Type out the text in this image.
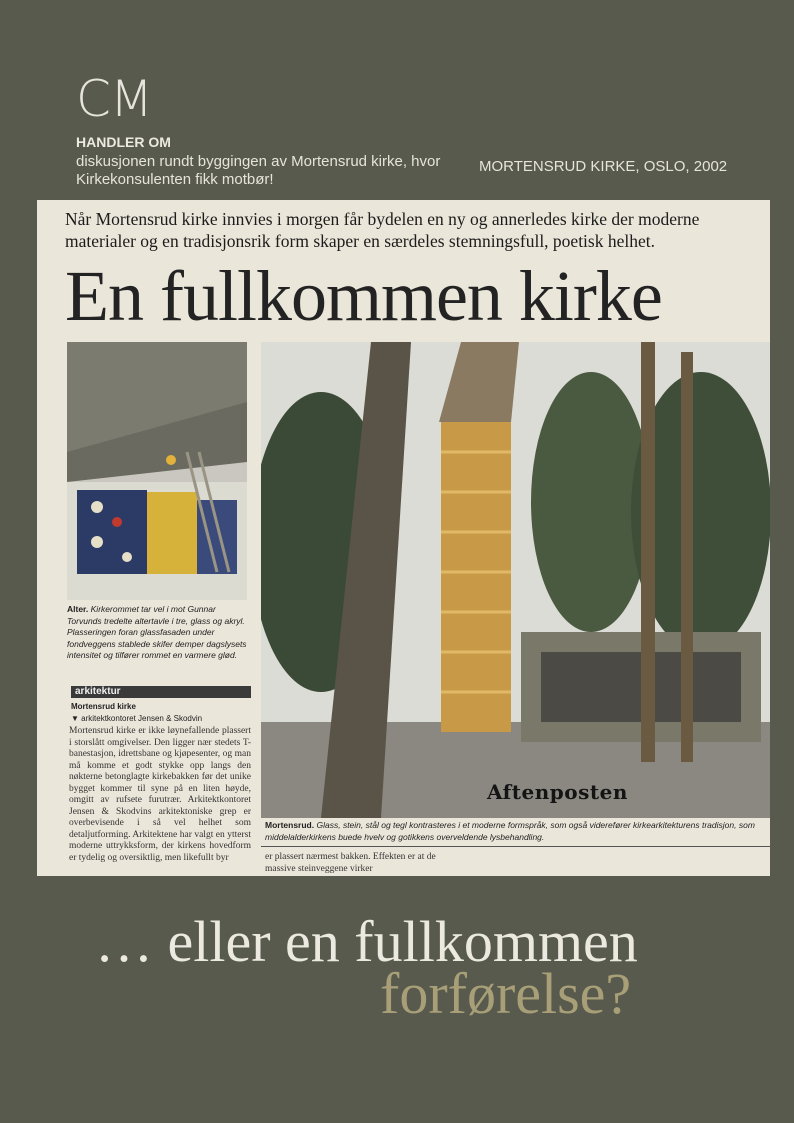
CM
HANDLER OM
diskusjonen rundt byggingen av Mortensrud kirke, hvor Kirkekonsulenten fikk motbør!
MORTENSRUD KIRKE, OSLO, 2002
Når Mortensrud kirke innvies i morgen får bydelen en ny og annerledes kirke der moderne materialer og en tradisjonsrik form skaper en særdeles stemningsfull, poetisk helhet.
En fullkommen kirke
Aftenposten
Alter. Kirkerommet tar vel i mot Gunnar Torvunds tredelte altertavle i tre, glass og akryl. Plasseringen foran glassfasaden under fondveggens stablede skifer demper dagslysets intensitet og tilfører rommet en varmere glød.
arkitektur
Mortensrud kirke
▼ arkitektkontoret Jensen & Skodvin
Mortensrud kirke er ikke løynefallende plassert i storslått omgivelser. Den ligger nær stedets T-banestasjon, idrettsbane og kjøpesenter, og man må komme et godt stykke opp langs den nøkterne betonglagte kirkebakken før det unike bygget kommer til syne på en liten høyde, omgitt av rufsete furutrær. Arkitektkontoret Jensen & Skodvins arkitektoniske grep er overbevisende i så vel helhet som detaljutforming. Arkitektene har valgt en ytterst moderne uttrykksform, der kirkens hovedform er tydelig og oversiktlig, men likefullt byr
Mortensrud. Glass, stein, stål og tegl kontrasteres i et moderne formspråk, som også viderefører kirkearkitekturens tradisjon, som middelalderkirkens buede hvelv og gotikkens overveldende lysbehandling.
er plassert nærmest bakken. Effekten er at de massive steinveggene virker
… eller en fullkommen
forførelse?
